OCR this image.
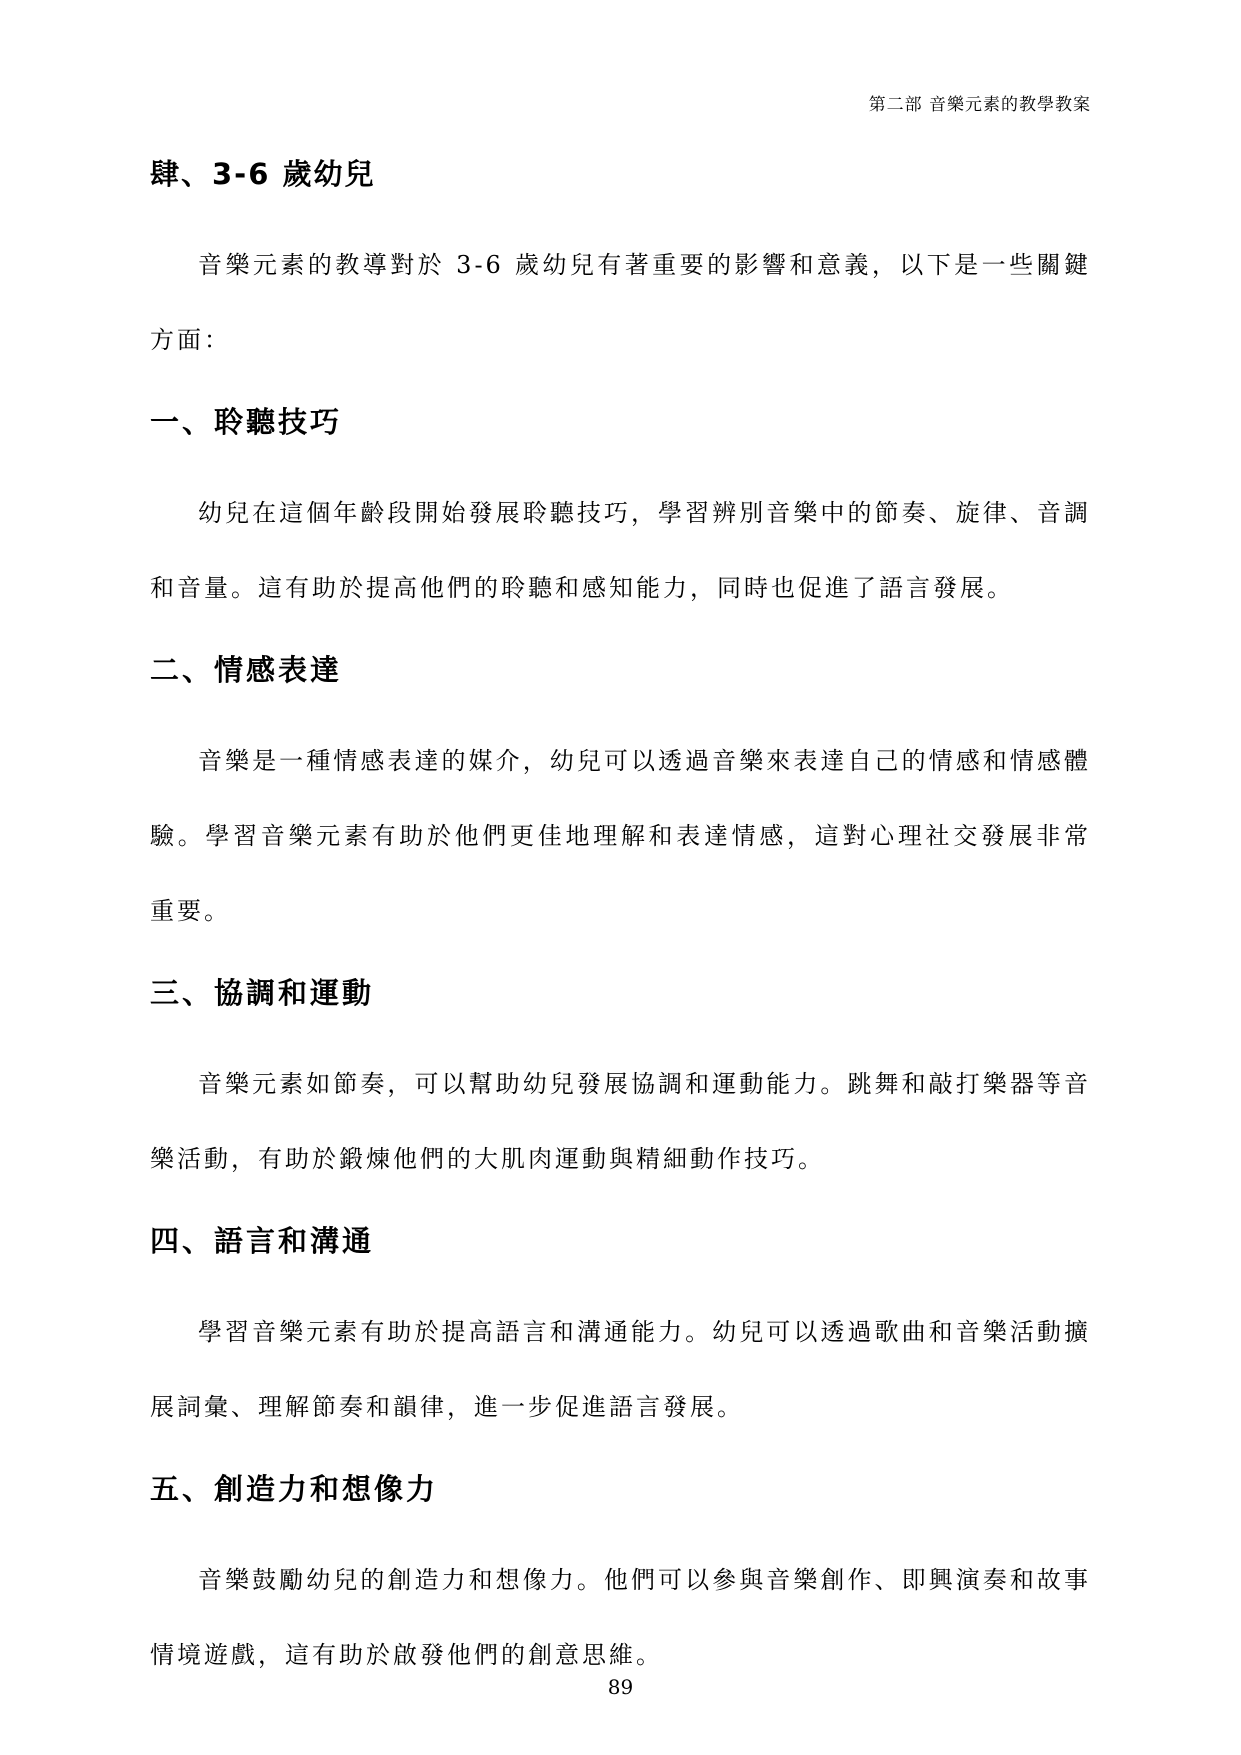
第二部 音樂元素的教學教案
肆、3-6 歲幼兒

音樂元素的教導對於 3-6 歲幼兒有著重要的影響和意義，以下是一些關鍵方面：

一、聆聽技巧

幼兒在這個年齡段開始發展聆聽技巧，學習辨別音樂中的節奏、旋律、音調和音量。這有助於提高他們的聆聽和感知能力，同時也促進了語言發展。

二、情感表達

音樂是一種情感表達的媒介，幼兒可以透過音樂來表達自己的情感和情感體驗。學習音樂元素有助於他們更佳地理解和表達情感，這對心理社交發展非常重要。

三、協調和運動

音樂元素如節奏，可以幫助幼兒發展協調和運動能力。跳舞和敲打樂器等音樂活動，有助於鍛煉他們的大肌肉運動與精細動作技巧。

四、語言和溝通

學習音樂元素有助於提高語言和溝通能力。幼兒可以透過歌曲和音樂活動擴展詞彙、理解節奏和韻律，進一步促進語言發展。

五、創造力和想像力

音樂鼓勵幼兒的創造力和想像力。他們可以參與音樂創作、即興演奏和故事情境遊戲，這有助於啟發他們的創意思維。

89
